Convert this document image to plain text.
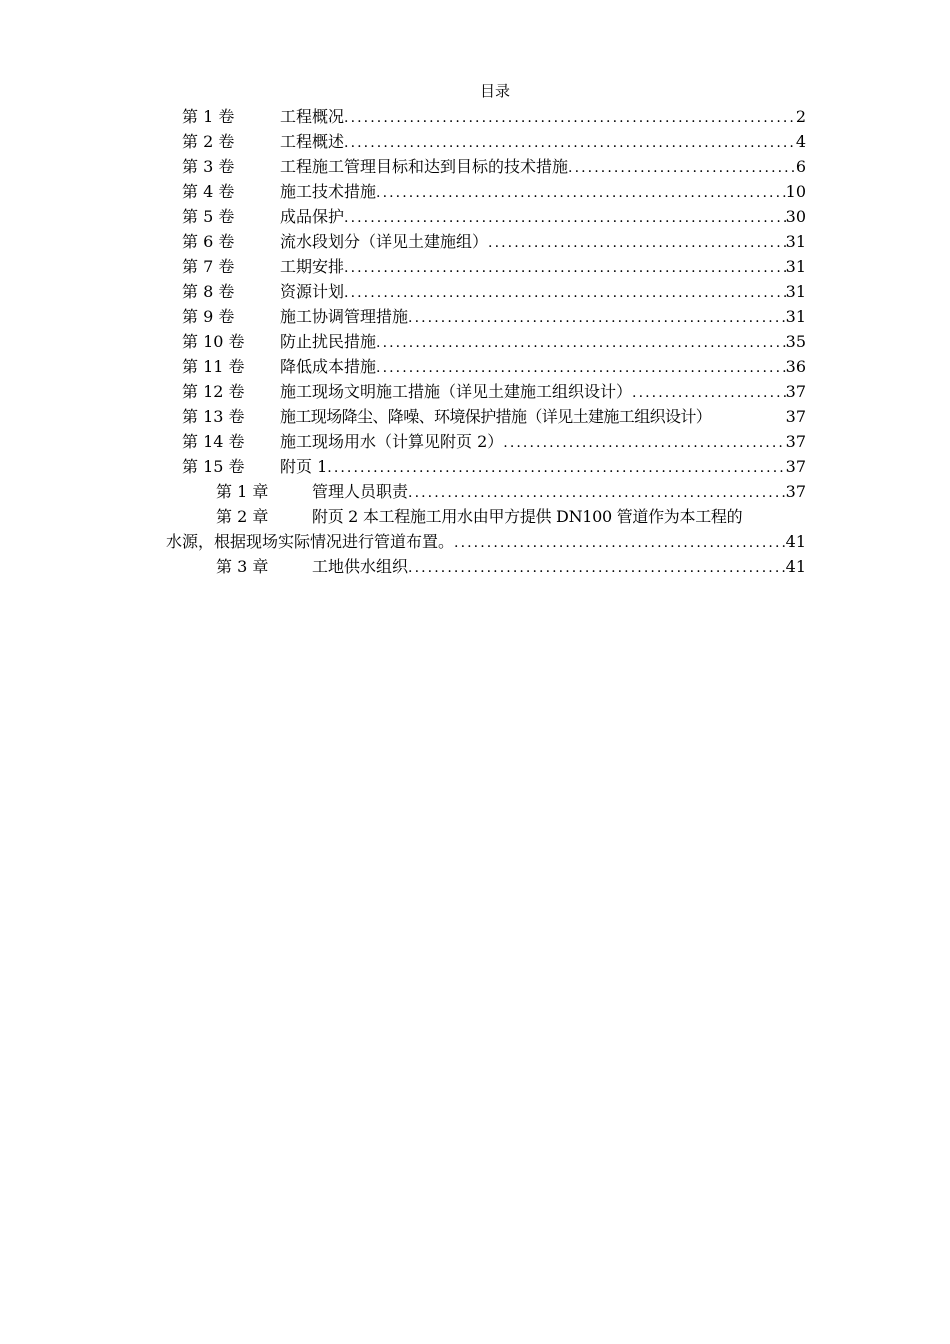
目录
第 1 卷	工程概况 .....	2
第 2 卷	工程概述 .....	4
第 3 卷	工程施工管理目标和达到目标的技术措施 .....	6
第 4 卷	施工技术措施 .....	10
第 5 卷	成品保护 .....	30
第 6 卷	流水段划分（详见土建施组） .....	31
第 7 卷	工期安排 .....	31
第 8 卷	资源计划 .....	31
第 9 卷	施工协调管理措施 .....	31
第 10 卷	防止扰民措施 .....	35
第 11 卷	降低成本措施 .....	36
第 12 卷	施工现场文明施工措施（详见土建施工组织设计） .....	37
第 13 卷	施工现场降尘、降噪、环境保护措施（详见土建施工组织设计）	37
第 14 卷	施工现场用水（计算见附页 2） .....	37
第 15 卷	附页 1 .....	37
第 1 章	管理人员职责 .....	37
第 2 章	附页 2 本工程施工用水由甲方提供 DN100 管道作为本工程的
水源，根据现场实际情况进行管道布置。 .....	41
第 3 章	工地供水组织 .....	41
